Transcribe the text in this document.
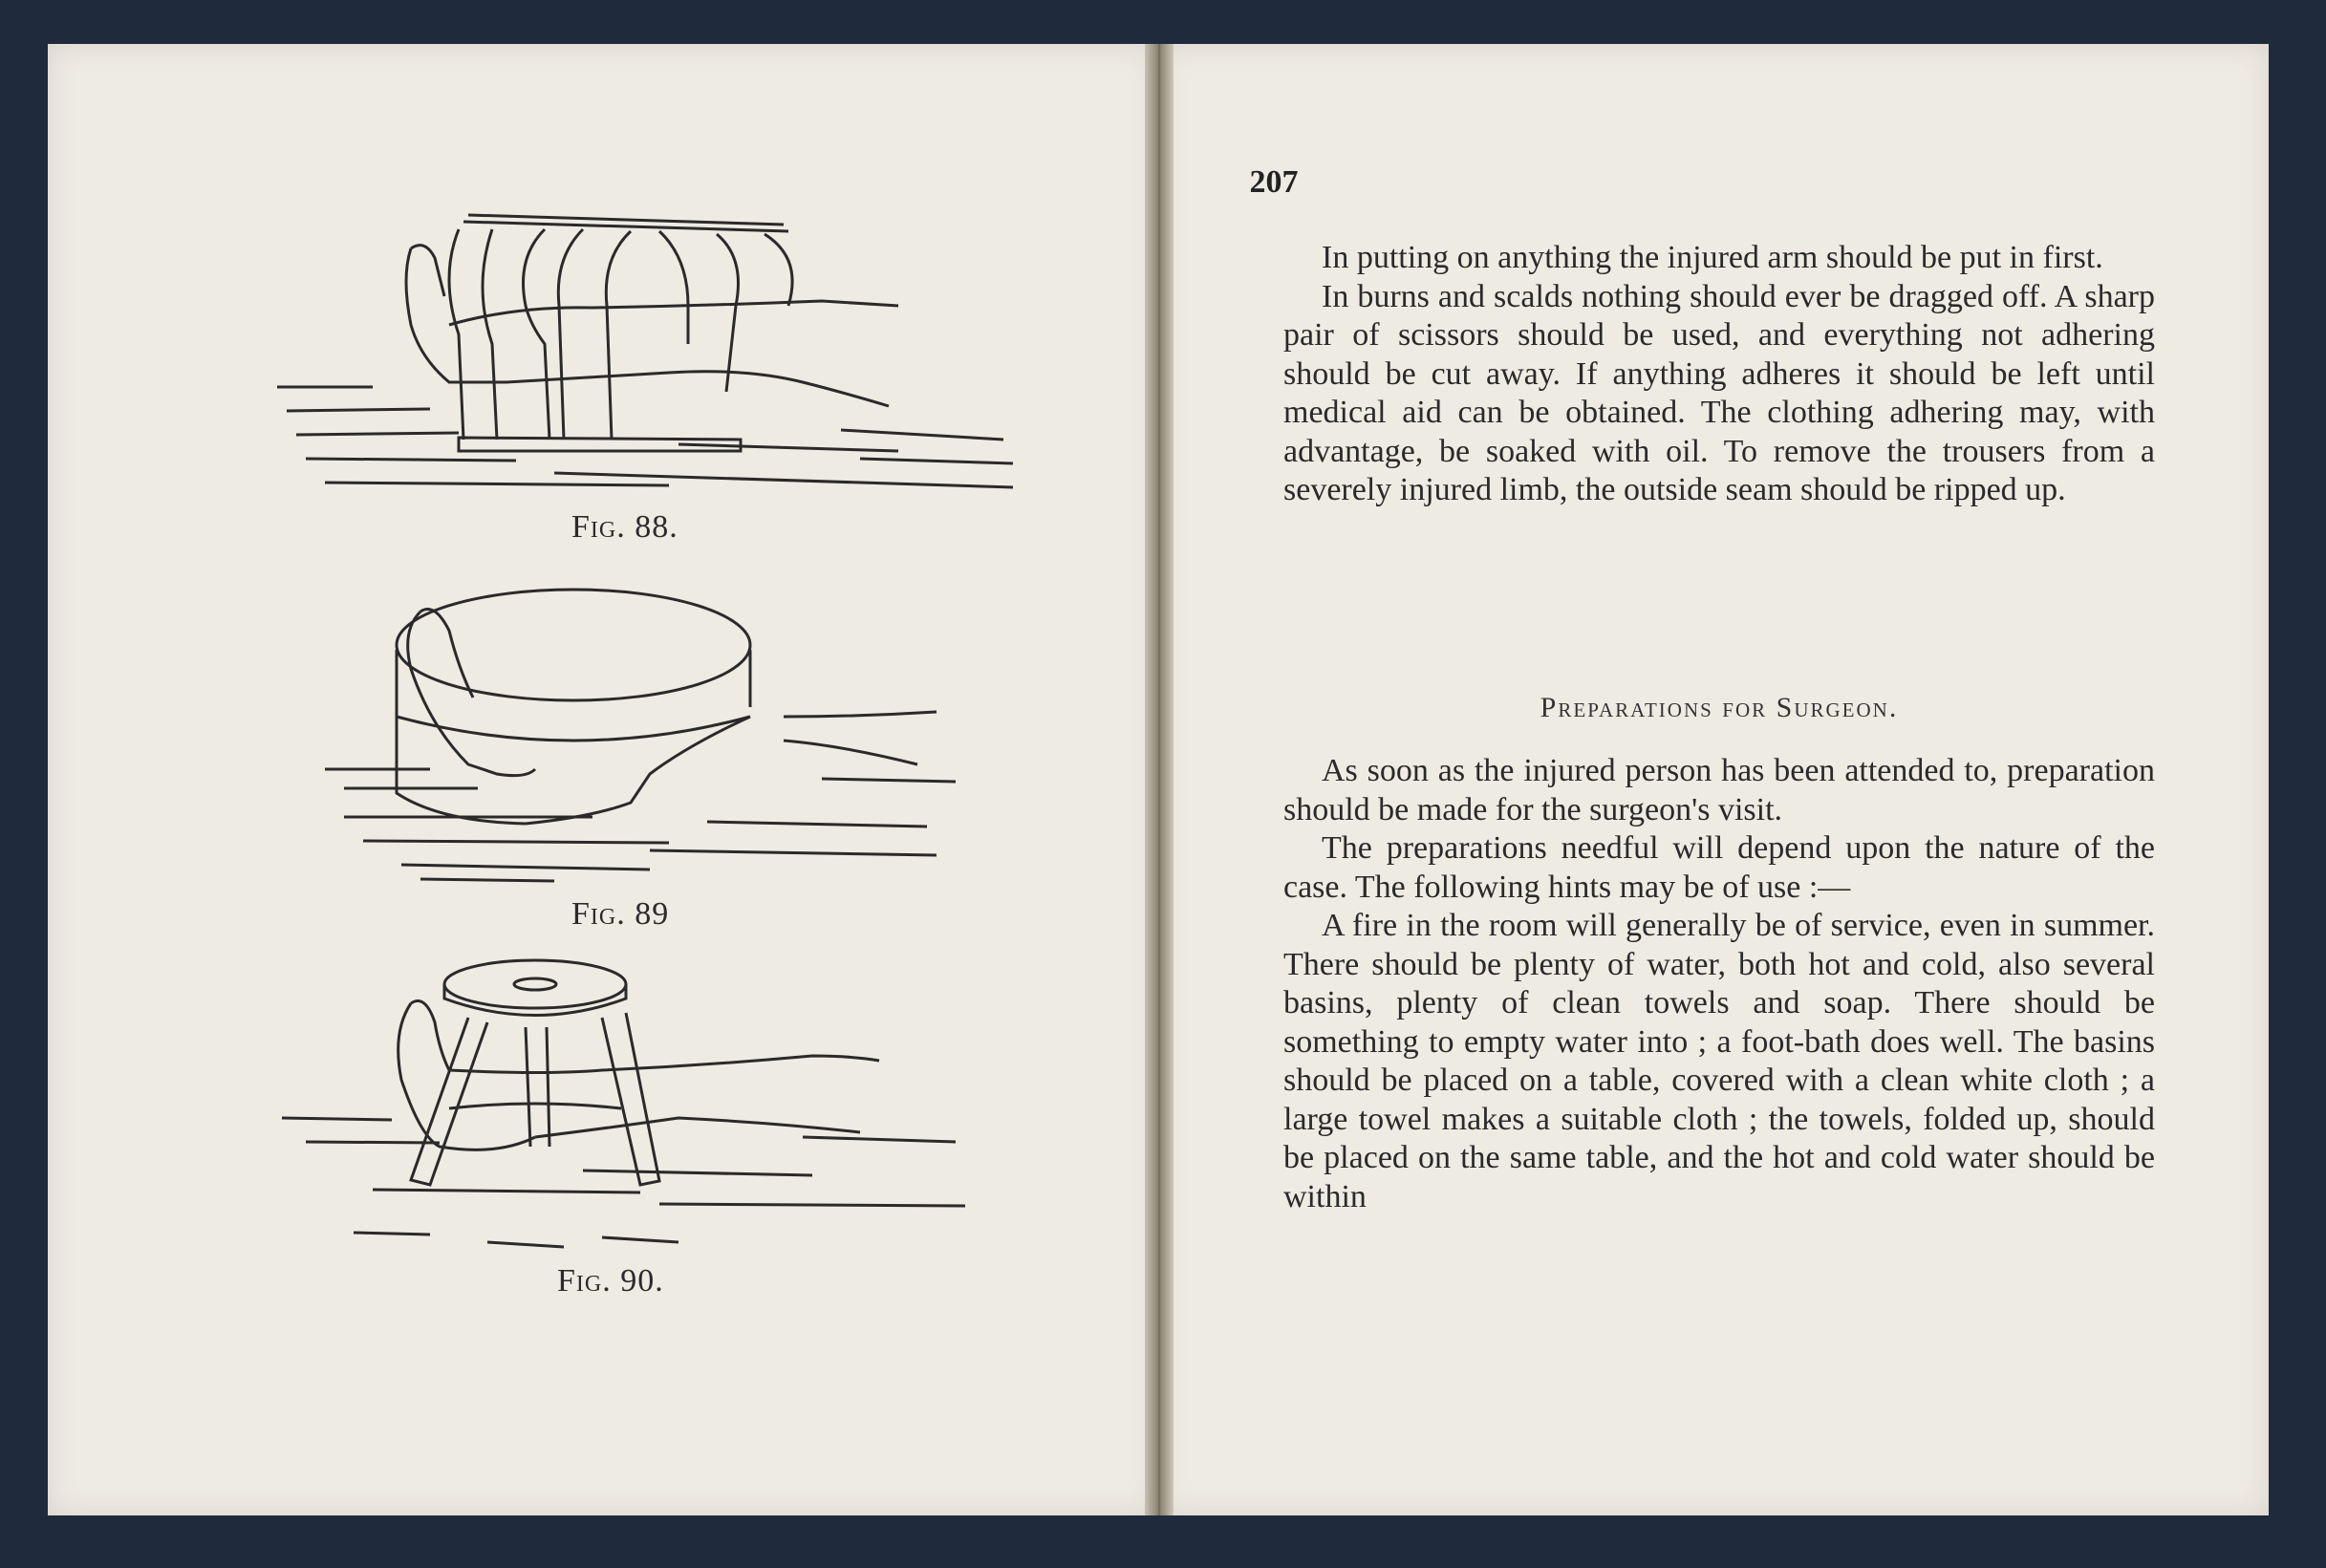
Fig. 88.
Fig. 89
Fig. 90.
207

In putting on anything the injured arm should be put in first.

In burns and scalds nothing should ever be dragged off. A sharp pair of scissors should be used, and everything not adhering should be cut away. If anything adheres it should be left until medical aid can be obtained. The clothing adhering may, with advantage, be soaked with oil. To remove the trousers from a severely injured limb, the outside seam should be ripped up.

Preparations for Surgeon.

As soon as the injured person has been attended to, preparation should be made for the surgeon's visit.

The preparations needful will depend upon the nature of the case. The following hints may be of use :—

A fire in the room will generally be of service, even in summer. There should be plenty of water, both hot and cold, also several basins, plenty of clean towels and soap. There should be something to empty water into ; a foot-bath does well. The basins should be placed on a table, covered with a clean white cloth ; a large towel makes a suitable cloth ; the towels, folded up, should be placed on the same table, and the hot and cold water should be within
